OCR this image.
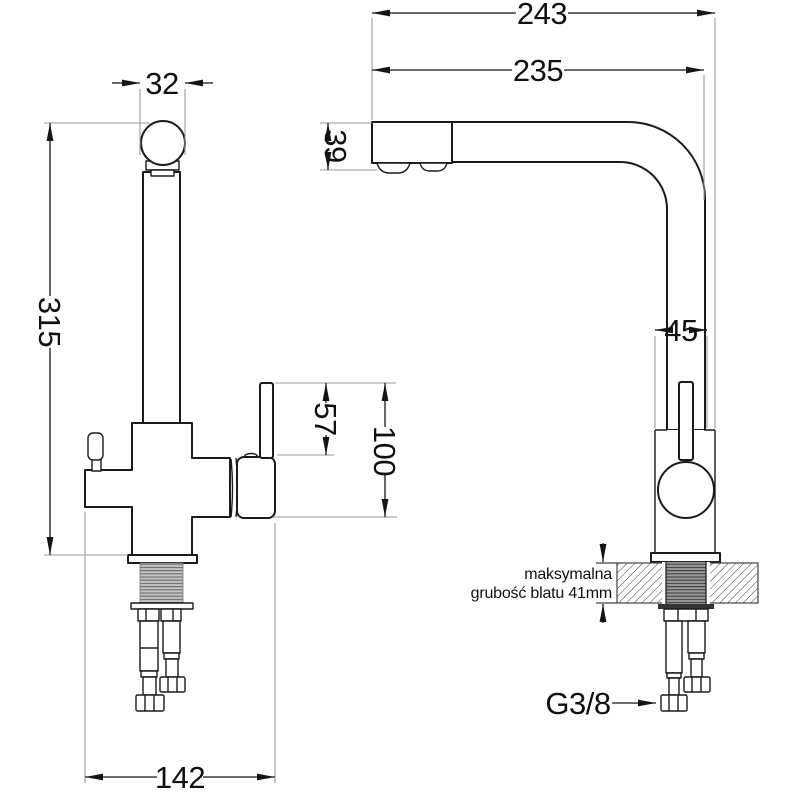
243
235
32
39
315	45
57
100
142
maksymalna
grubość blatu 41mm
G3/8
